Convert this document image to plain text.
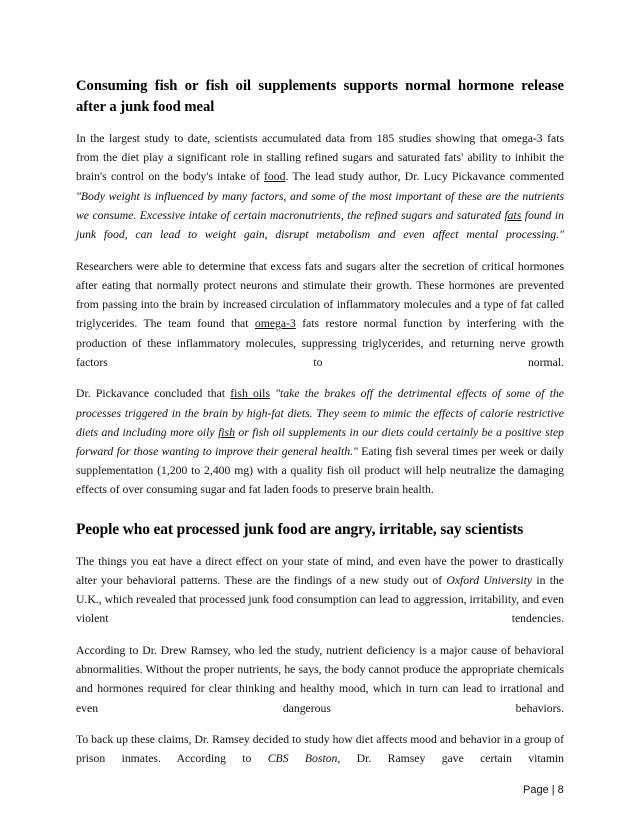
Consuming fish or fish oil supplements supports normal hormone release after a junk food meal

In the largest study to date, scientists accumulated data from 185 studies showing that omega-3 fats from the diet play a significant role in stalling refined sugars and saturated fats' ability to inhibit the brain's control on the body's intake of food. The lead study author, Dr. Lucy Pickavance commented "Body weight is influenced by many factors, and some of the most important of these are the nutrients we consume. Excessive intake of certain macronutrients, the refined sugars and saturated fats found in junk food, can lead to weight gain, disrupt metabolism and even affect mental processing."

Researchers were able to determine that excess fats and sugars alter the secretion of critical hormones after eating that normally protect neurons and stimulate their growth. These hormones are prevented from passing into the brain by increased circulation of inflammatory molecules and a type of fat called triglycerides. The team found that omega-3 fats restore normal function by interfering with the production of these inflammatory molecules, suppressing triglycerides, and returning nerve growth factors to normal.

Dr. Pickavance concluded that fish oils "take the brakes off the detrimental effects of some of the processes triggered in the brain by high-fat diets. They seem to mimic the effects of calorie restrictive diets and including more oily fish or fish oil supplements in our diets could certainly be a positive step forward for those wanting to improve their general health." Eating fish several times per week or daily supplementation (1,200 to 2,400 mg) with a quality fish oil product will help neutralize the damaging effects of over consuming sugar and fat laden foods to preserve brain health.

People who eat processed junk food are angry, irritable, say scientists

The things you eat have a direct effect on your state of mind, and even have the power to drastically alter your behavioral patterns. These are the findings of a new study out of Oxford University in the U.K., which revealed that processed junk food consumption can lead to aggression, irritability, and even violent tendencies.

According to Dr. Drew Ramsey, who led the study, nutrient deficiency is a major cause of behavioral abnormalities. Without the proper nutrients, he says, the body cannot produce the appropriate chemicals and hormones required for clear thinking and healthy mood, which in turn can lead to irrational and even dangerous behaviors.

To back up these claims, Dr. Ramsey decided to study how diet affects mood and behavior in a group of prison inmates. According to CBS Boston, Dr. Ramsey gave certain vitamin

Page | 8
